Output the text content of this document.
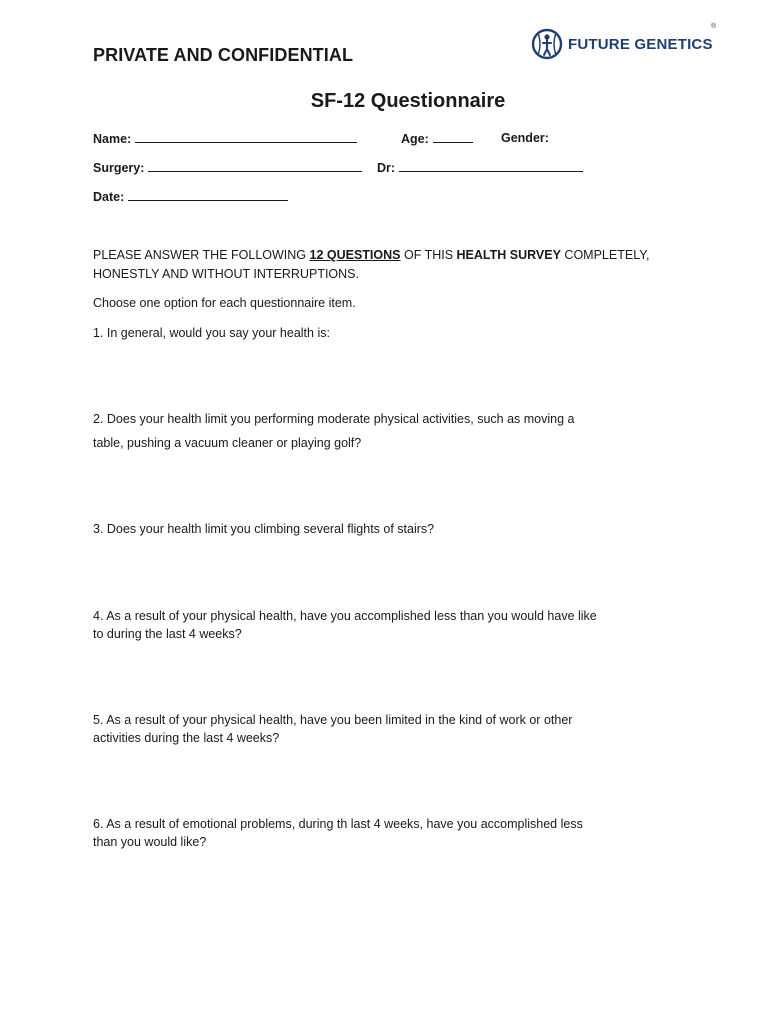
PRIVATE AND CONFIDENTIAL
FUTURE GENETICS
®
SF-12 Questionnaire
Name:	Age:	Gender:
Surgery:	Dr:
Date:
PLEASE ANSWER THE FOLLOWING 12 QUESTIONS OF THIS HEALTH SURVEY COMPLETELY,
HONESTLY AND WITHOUT INTERRUPTIONS.
Choose one option for each questionnaire item.
1. In general, would you say your health is:
2. Does your health limit you performing moderate physical activities, such as moving a
table, pushing a vacuum cleaner or playing golf?
3. Does your health limit you climbing several flights of stairs?
4. As a result of your physical health, have you accomplished less than you would have like
to during the last 4 weeks?
5. As a result of your physical health, have you been limited in the kind of work or other
activities during the last 4 weeks?
6. As a result of emotional problems, during th last 4 weeks, have you accomplished less
than you would like?
